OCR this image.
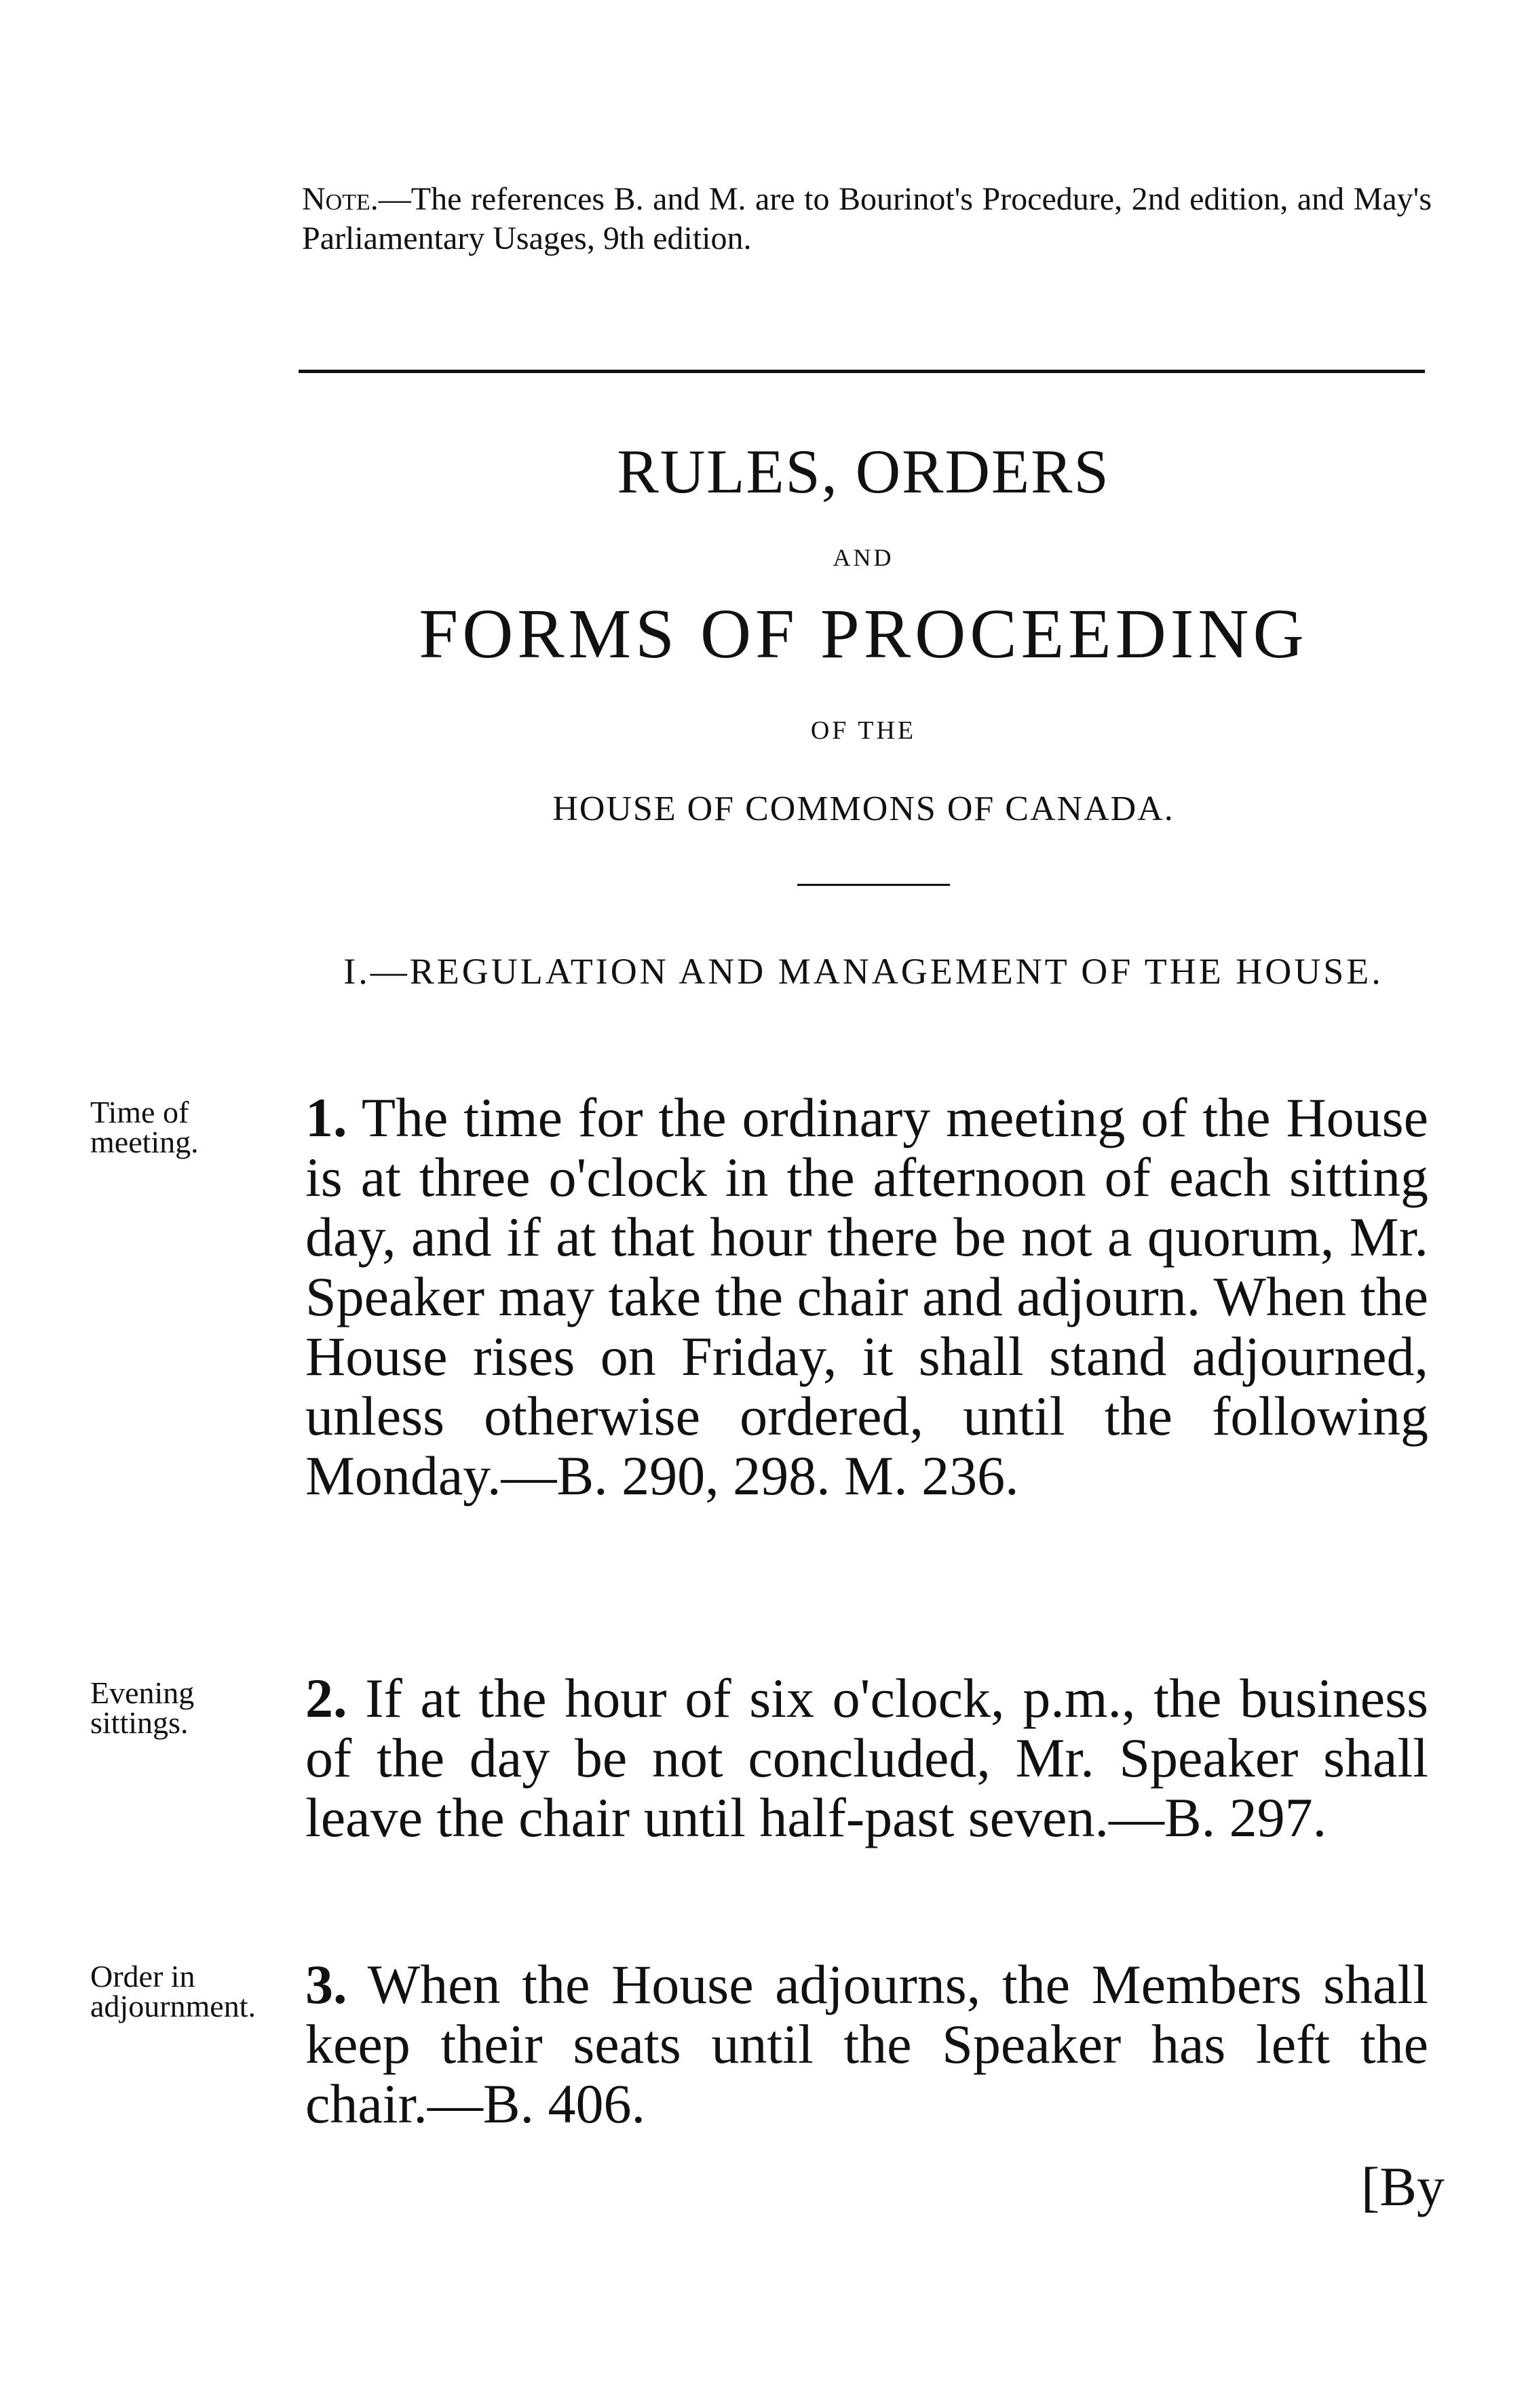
Note.—The references B. and M. are to Bourinot's Procedure, 2nd edition, and May's Parliamentary Usages, 9th edition.
RULES, ORDERS
AND
FORMS OF PROCEEDING
OF THE
HOUSE OF COMMONS OF CANADA.
I.—REGULATION AND MANAGEMENT OF THE HOUSE.
Time of meeting.	1. The time for the ordinary meeting of the House is at three o'clock in the afternoon of each sitting day, and if at that hour there be not a quorum, Mr. Speaker may take the chair and adjourn. When the House rises on Friday, it shall stand adjourned, unless otherwise ordered, until the following Monday.—B. 290, 298. M. 236.
Evening sittings.	2. If at the hour of six o'clock, p.m., the business of the day be not concluded, Mr. Speaker shall leave the chair until half-past seven.—B. 297.
Order in adjournment. 3. When the House adjourns, the Members shall keep their seats until the Speaker has left the chair.—B. 406.
[By
